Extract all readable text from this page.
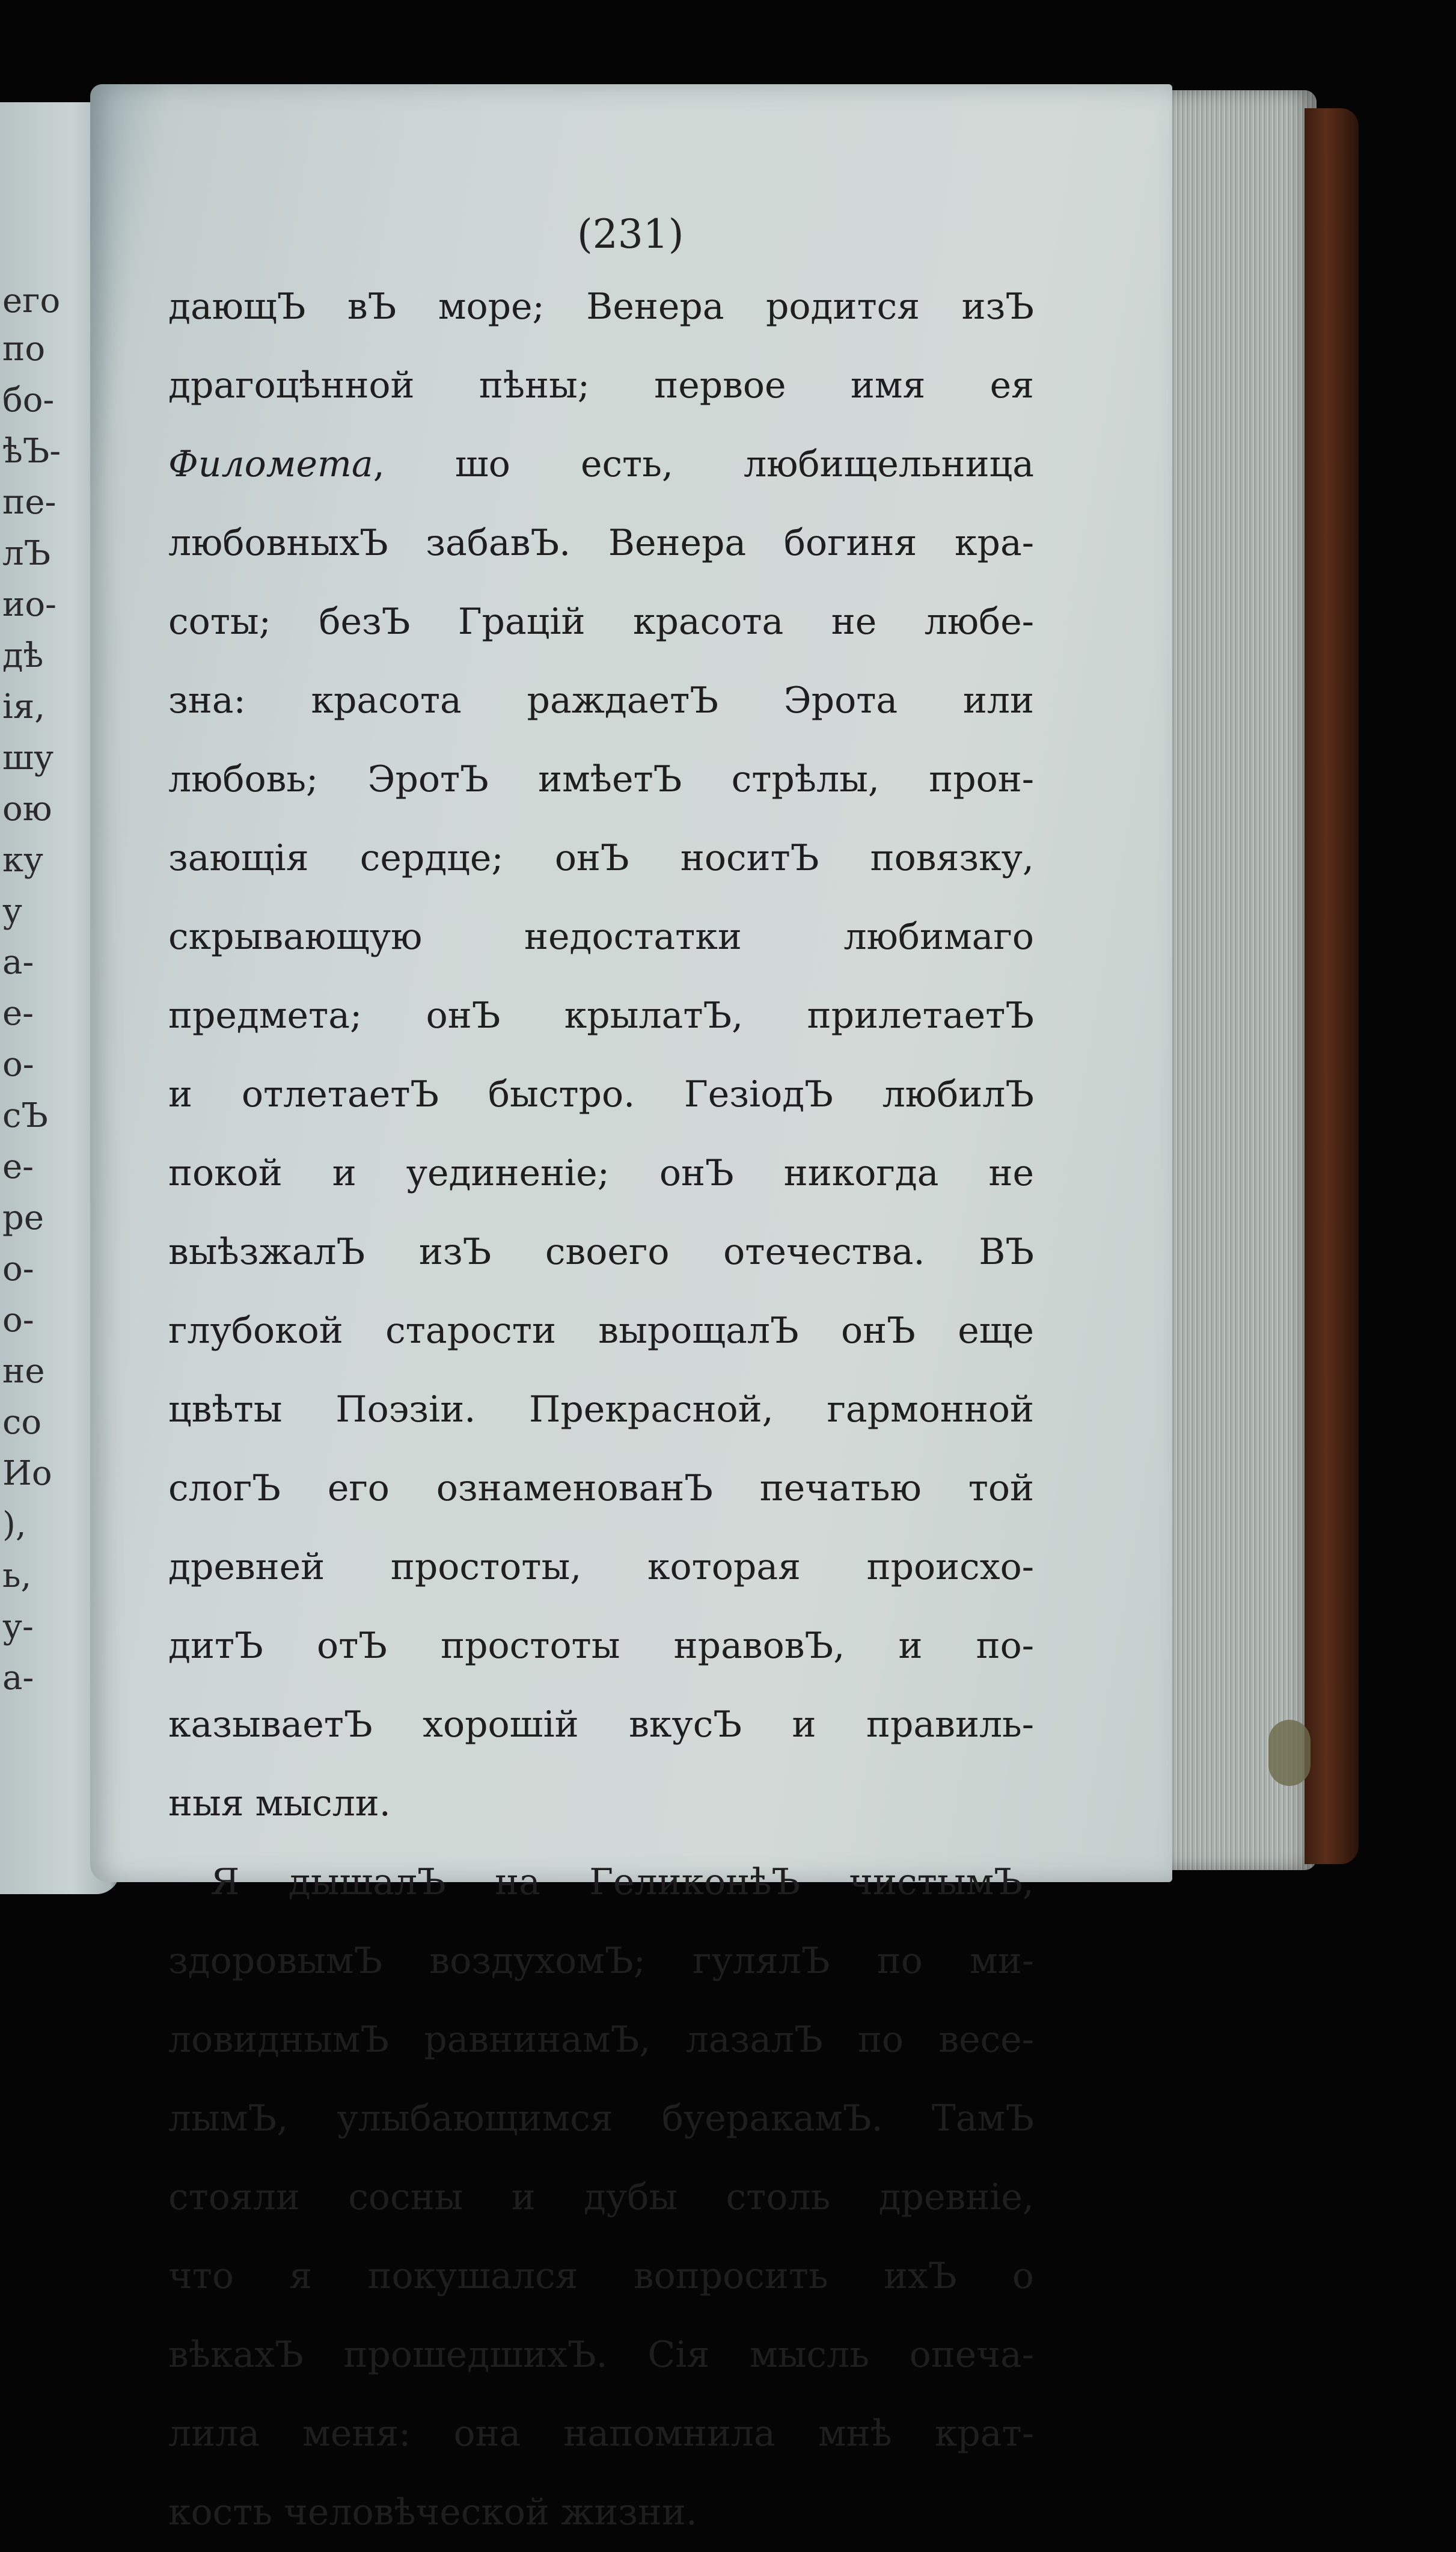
его
по
бо-
ѣЪ-
пе-
лЪ
ио-
дѣ
ія,
шу
ою
ку
у
а-
е-
о-
сЪ
е-
ре
о-
о-
не
со
Ио
),
ь,
у-
а-
(231)
дающЪ вЪ море; Венера родится изЪ
драгоцѣнной пѣны; первое имя ея
Филомета, шо есть, любищельница
любовныхЪ забавЪ. Венера богиня кра-
соты; безЪ Грацій красота не любе-
зна: красота раждаетЪ Эрота или
любовь; ЭротЪ имѣетЪ стрѣлы, прон-
зающія сердце; онЪ носитЪ повязку,
скрывающую недостатки любимаго
предмета; онЪ крылатЪ, прилетаетЪ
и отлетаетЪ быстро. ГезіодЪ любилЪ
покой и уединеніе; онЪ никогда не
выѣзжалЪ изЪ своего отечества. ВЪ
глубокой старости вырощалЪ онЪ еще
цвѣты Поэзіи. Прекрасной, гармонной
слогЪ его ознаменованЪ печатью той
древней простоты, которая происхо-
дитЪ отЪ простоты нравовЪ, и по-
казываетЪ хорошій вкусЪ и правиль-
ныя мысли.
Я дышалЪ на ГеликонѣЪ чистымЪ,
здоровымЪ воздухомЪ; гулялЪ по ми-
ловиднымЪ равнинамЪ, лазалЪ по весе-
лымЪ, улыбающимся буеракамЪ. ТамЪ
стояли сосны и дубы столь древніе,
что я покушался вопросить ихЪ о
вѣкахЪ прошедшихЪ. Сія мысль опеча-
лила меня: она напомнила мнѣ крат-
кость человѣческой жизни.
